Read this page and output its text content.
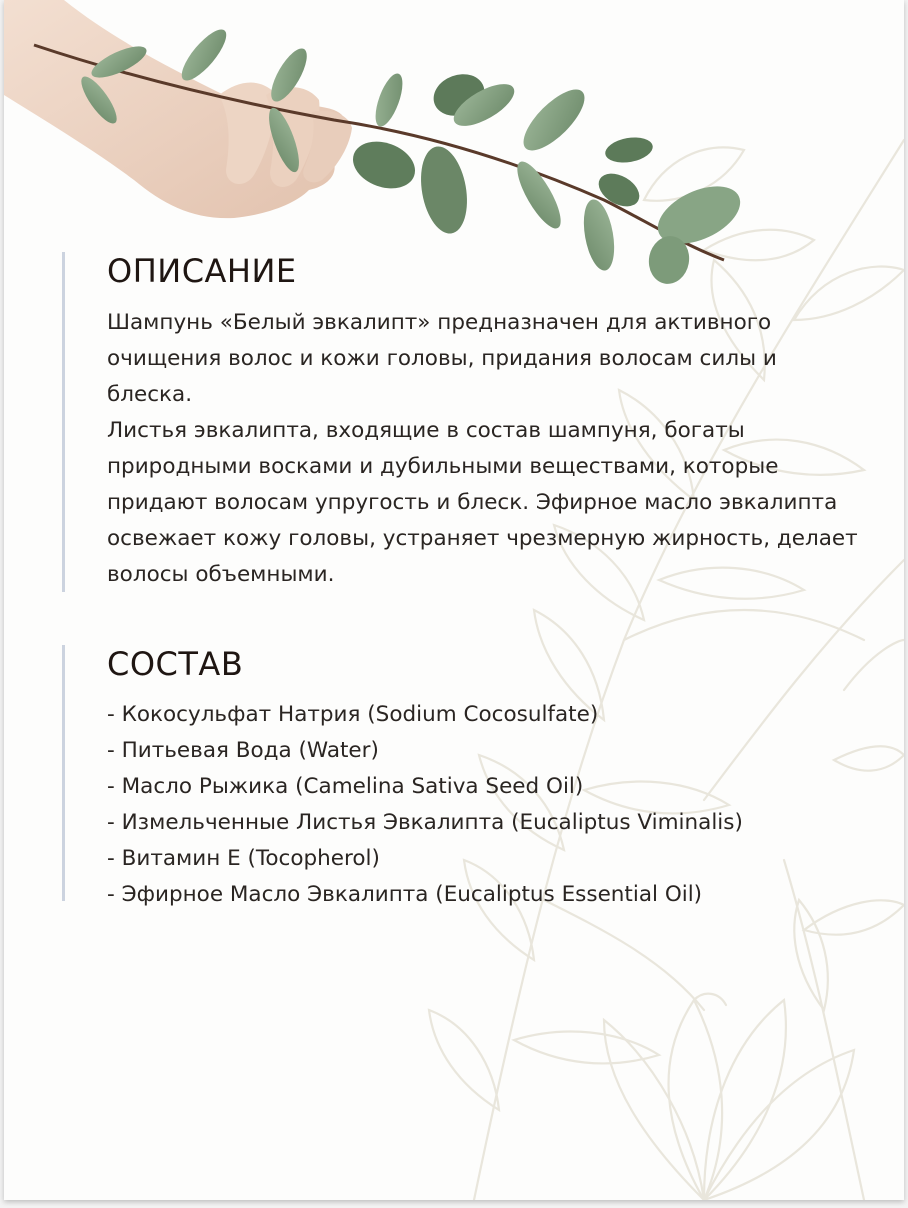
ОПИСАНИЕ

Шампунь «Белый эвкалипт» предназначен для активного очищения волос и кожи головы, придания волосам силы и блеска.

Листья эвкалипта, входящие в состав шампуня, богаты природными восками и дубильными веществами, которые придают волосам упругость и блеск. Эфирное масло эвкалипта освежает кожу головы, устраняет чрезмерную жирность, делает волосы объемными.

СОСТАВ
- Кокосульфат Натрия (Sodium Cocosulfate)
- Питьевая Вода (Water)
- Масло Рыжика (Camelina Sativa Seed Oil)
- Измельченные Листья Эвкалипта (Eucaliptus Viminalis)
- Витамин Е (Tocopherol)
- Эфирное Масло Эвкалипта (Eucaliptus Essential Oil)
